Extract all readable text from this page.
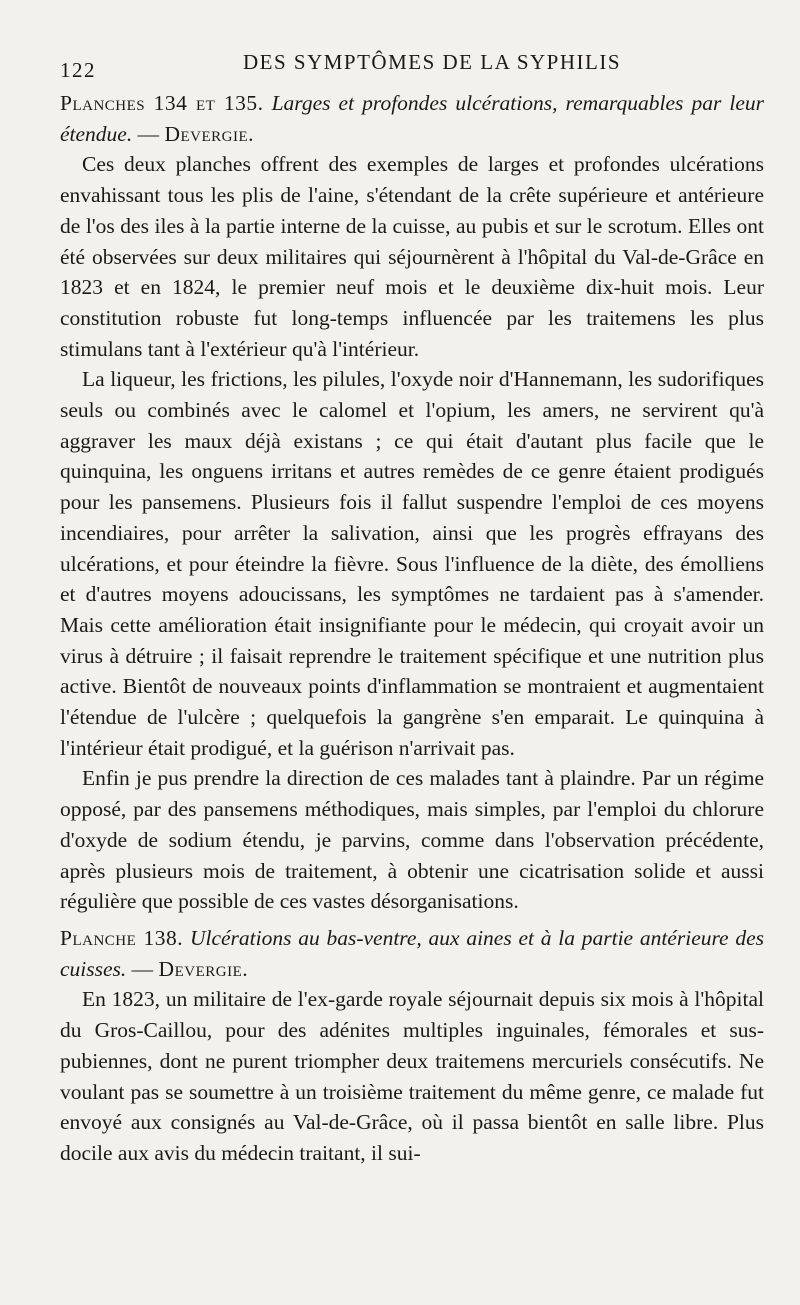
122	DES SYMPTÔMES DE LA SYPHILIS

Planches 134 et 135. Larges et profondes ulcérations, remarquables par leur étendue. — Devergie.

Ces deux planches offrent des exemples de larges et profondes ulcérations envahissant tous les plis de l'aine, s'étendant de la crête supérieure et antérieure de l'os des iles à la partie interne de la cuisse, au pubis et sur le scrotum. Elles ont été observées sur deux militaires qui séjournèrent à l'hôpital du Val-de-Grâce en 1823 et en 1824, le premier neuf mois et le deuxième dix-huit mois. Leur constitution robuste fut long-temps influencée par les traitemens les plus stimulans tant à l'extérieur qu'à l'intérieur.

La liqueur, les frictions, les pilules, l'oxyde noir d'Hannemann, les sudorifiques seuls ou combinés avec le calomel et l'opium, les amers, ne servirent qu'à aggraver les maux déjà existans ; ce qui était d'autant plus facile que le quinquina, les onguens irritans et autres remèdes de ce genre étaient prodigués pour les pansemens. Plusieurs fois il fallut suspendre l'emploi de ces moyens incendiaires, pour arrêter la salivation, ainsi que les progrès effrayans des ulcérations, et pour éteindre la fièvre. Sous l'influence de la diète, des émolliens et d'autres moyens adoucissans, les symptômes ne tardaient pas à s'amender. Mais cette amélioration était insignifiante pour le médecin, qui croyait avoir un virus à détruire ; il faisait reprendre le traitement spécifique et une nutrition plus active. Bientôt de nouveaux points d'inflammation se montraient et augmentaient l'étendue de l'ulcère ; quelquefois la gangrène s'en emparait. Le quinquina à l'intérieur était prodigué, et la guérison n'arrivait pas.

Enfin je pus prendre la direction de ces malades tant à plaindre. Par un régime opposé, par des pansemens méthodiques, mais simples, par l'emploi du chlorure d'oxyde de sodium étendu, je parvins, comme dans l'observation précédente, après plusieurs mois de traitement, à obtenir une cicatrisation solide et aussi régulière que possible de ces vastes désorganisations.

Planche 138. Ulcérations au bas-ventre, aux aines et à la partie antérieure des cuisses. — Devergie.

En 1823, un militaire de l'ex-garde royale séjournait depuis six mois à l'hôpital du Gros-Caillou, pour des adénites multiples inguinales, fémorales et sus-pubiennes, dont ne purent triompher deux traitemens mercuriels consécutifs. Ne voulant pas se soumettre à un troisième traitement du même genre, ce malade fut envoyé aux consignés au Val-de-Grâce, où il passa bientôt en salle libre. Plus docile aux avis du médecin traitant, il sui-
